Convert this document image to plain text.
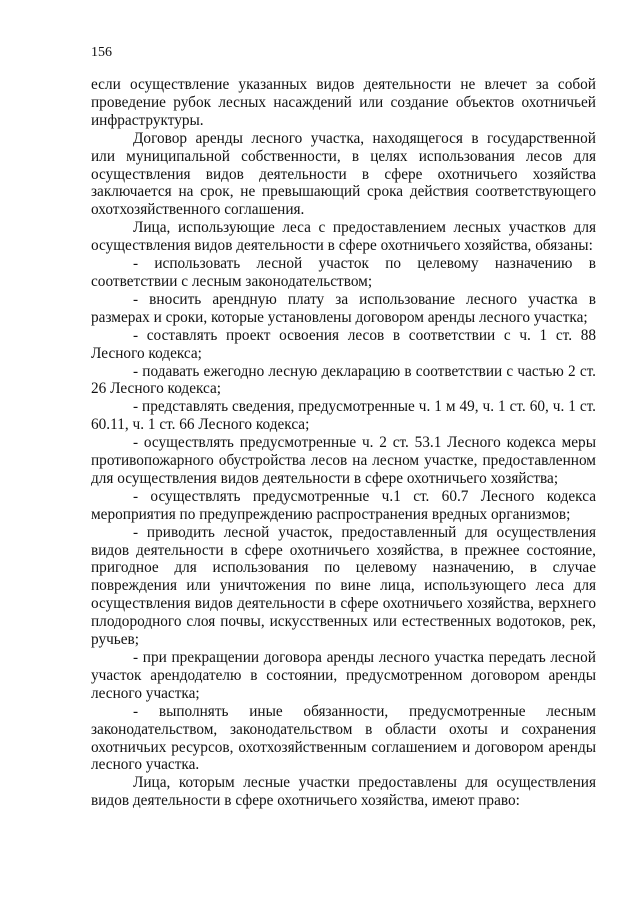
156

если осуществление указанных видов деятельности не влечет за собой проведение рубок лесных насаждений или создание объектов охотничьей инфраструктуры.

Договор аренды лесного участка, находящегося в государственной или муниципальной собственности, в целях использования лесов для осуществления видов деятельности в сфере охотничьего хозяйства заключается на срок, не превышающий срока действия соответствующего охотхозяйственного соглашения.

Лица, использующие леса с предоставлением лесных участков для осуществления видов деятельности в сфере охотничьего хозяйства, обязаны:

- использовать лесной участок по целевому назначению в соответствии с лесным законодательством;

- вносить арендную плату за использование лесного участка в размерах и сроки, которые установлены договором аренды лесного участка;

- составлять проект освоения лесов в соответствии с ч. 1 ст. 88 Лесного кодекса;

- подавать ежегодно лесную декларацию в соответствии с частью 2 ст. 26 Лесного кодекса;

- представлять сведения, предусмотренные ч. 1 м 49, ч. 1 ст. 60, ч. 1 ст. 60.11, ч. 1 ст. 66 Лесного кодекса;

- осуществлять предусмотренные ч. 2 ст. 53.1 Лесного кодекса меры противопожарного обустройства лесов на лесном участке, предоставленном для осуществления видов деятельности в сфере охотничьего хозяйства;

- осуществлять предусмотренные ч.1 ст. 60.7 Лесного кодекса мероприятия по предупреждению распространения вредных организмов;

- приводить лесной участок, предоставленный для осуществления видов деятельности в сфере охотничьего хозяйства, в прежнее состояние, пригодное для использования по целевому назначению, в случае повреждения или уничтожения по вине лица, использующего леса для осуществления видов деятельности в сфере охотничьего хозяйства, верхнего плодородного слоя почвы, искусственных или естественных водотоков, рек, ручьев;

- при прекращении договора аренды лесного участка передать лесной участок арендодателю в состоянии, предусмотренном договором аренды лесного участка;

- выполнять иные обязанности, предусмотренные лесным законодательством, законодательством в области охоты и сохранения охотничьих ресурсов, охотхозяйственным соглашением и договором аренды лесного участка.

Лица, которым лесные участки предоставлены для осуществления видов деятельности в сфере охотничьего хозяйства, имеют право:
